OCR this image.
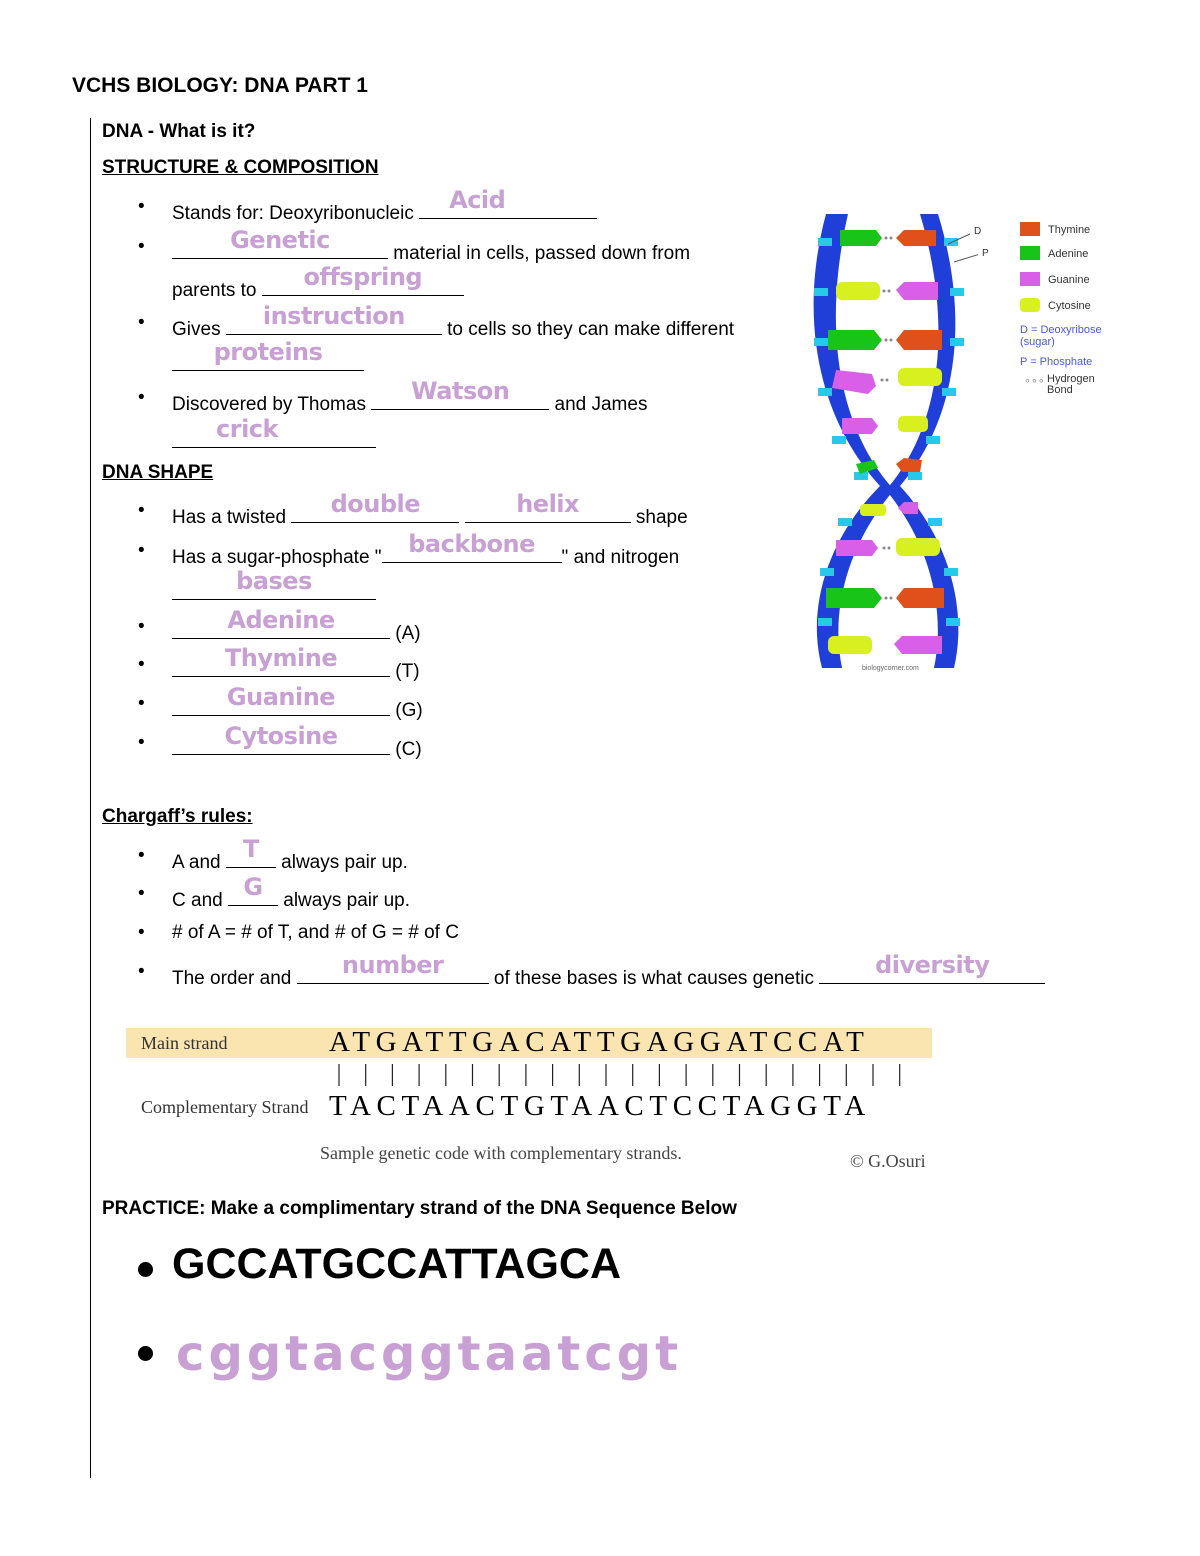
VCHS BIOLOGY: DNA PART 1
DNA - What is it?
STRUCTURE & COMPOSITION
• Stands for: Deoxyribonucleic	Acid
•	Genetic	material in cells, passed down from
parents to	offspring
• Gives	instruction	to cells so they can make different
proteins
• Discovered by Thomas	Watson	and James
crick
DNA SHAPE
• Has a twisted	double
	helix	shape
• Has a sugar-phosphate "	backbone	" and nitrogen
bases
•	Adenine	(A)
•	Thymine	(T)
•	Guanine	(G)
•	Cytosine	(C)
Chargaff’s rules:
• A and T	always pair up.
• C and G	always pair up.
• # of A = # of T, and # of G = # of C
• The order and	number	of these bases is what causes genetic	diversity
biologycorner.com
D
P
Thymine
Adenine
Guanine
Cytosine
D = Deoxyribose (sugar)
P = Phosphate
∘∘∘ Hydrogen Bond
Main strand	ATGATTGACATTGAGGATCCAT
Complementary Strand TACTAACTGTAACTCCTAGGTA
Sample genetic code with complementary strands.	© G.Osuri
PRACTICE: Make a complimentary strand of the DNA Sequence Below
GCCATGCCATTAGCA
cggtacggtaatcgt
